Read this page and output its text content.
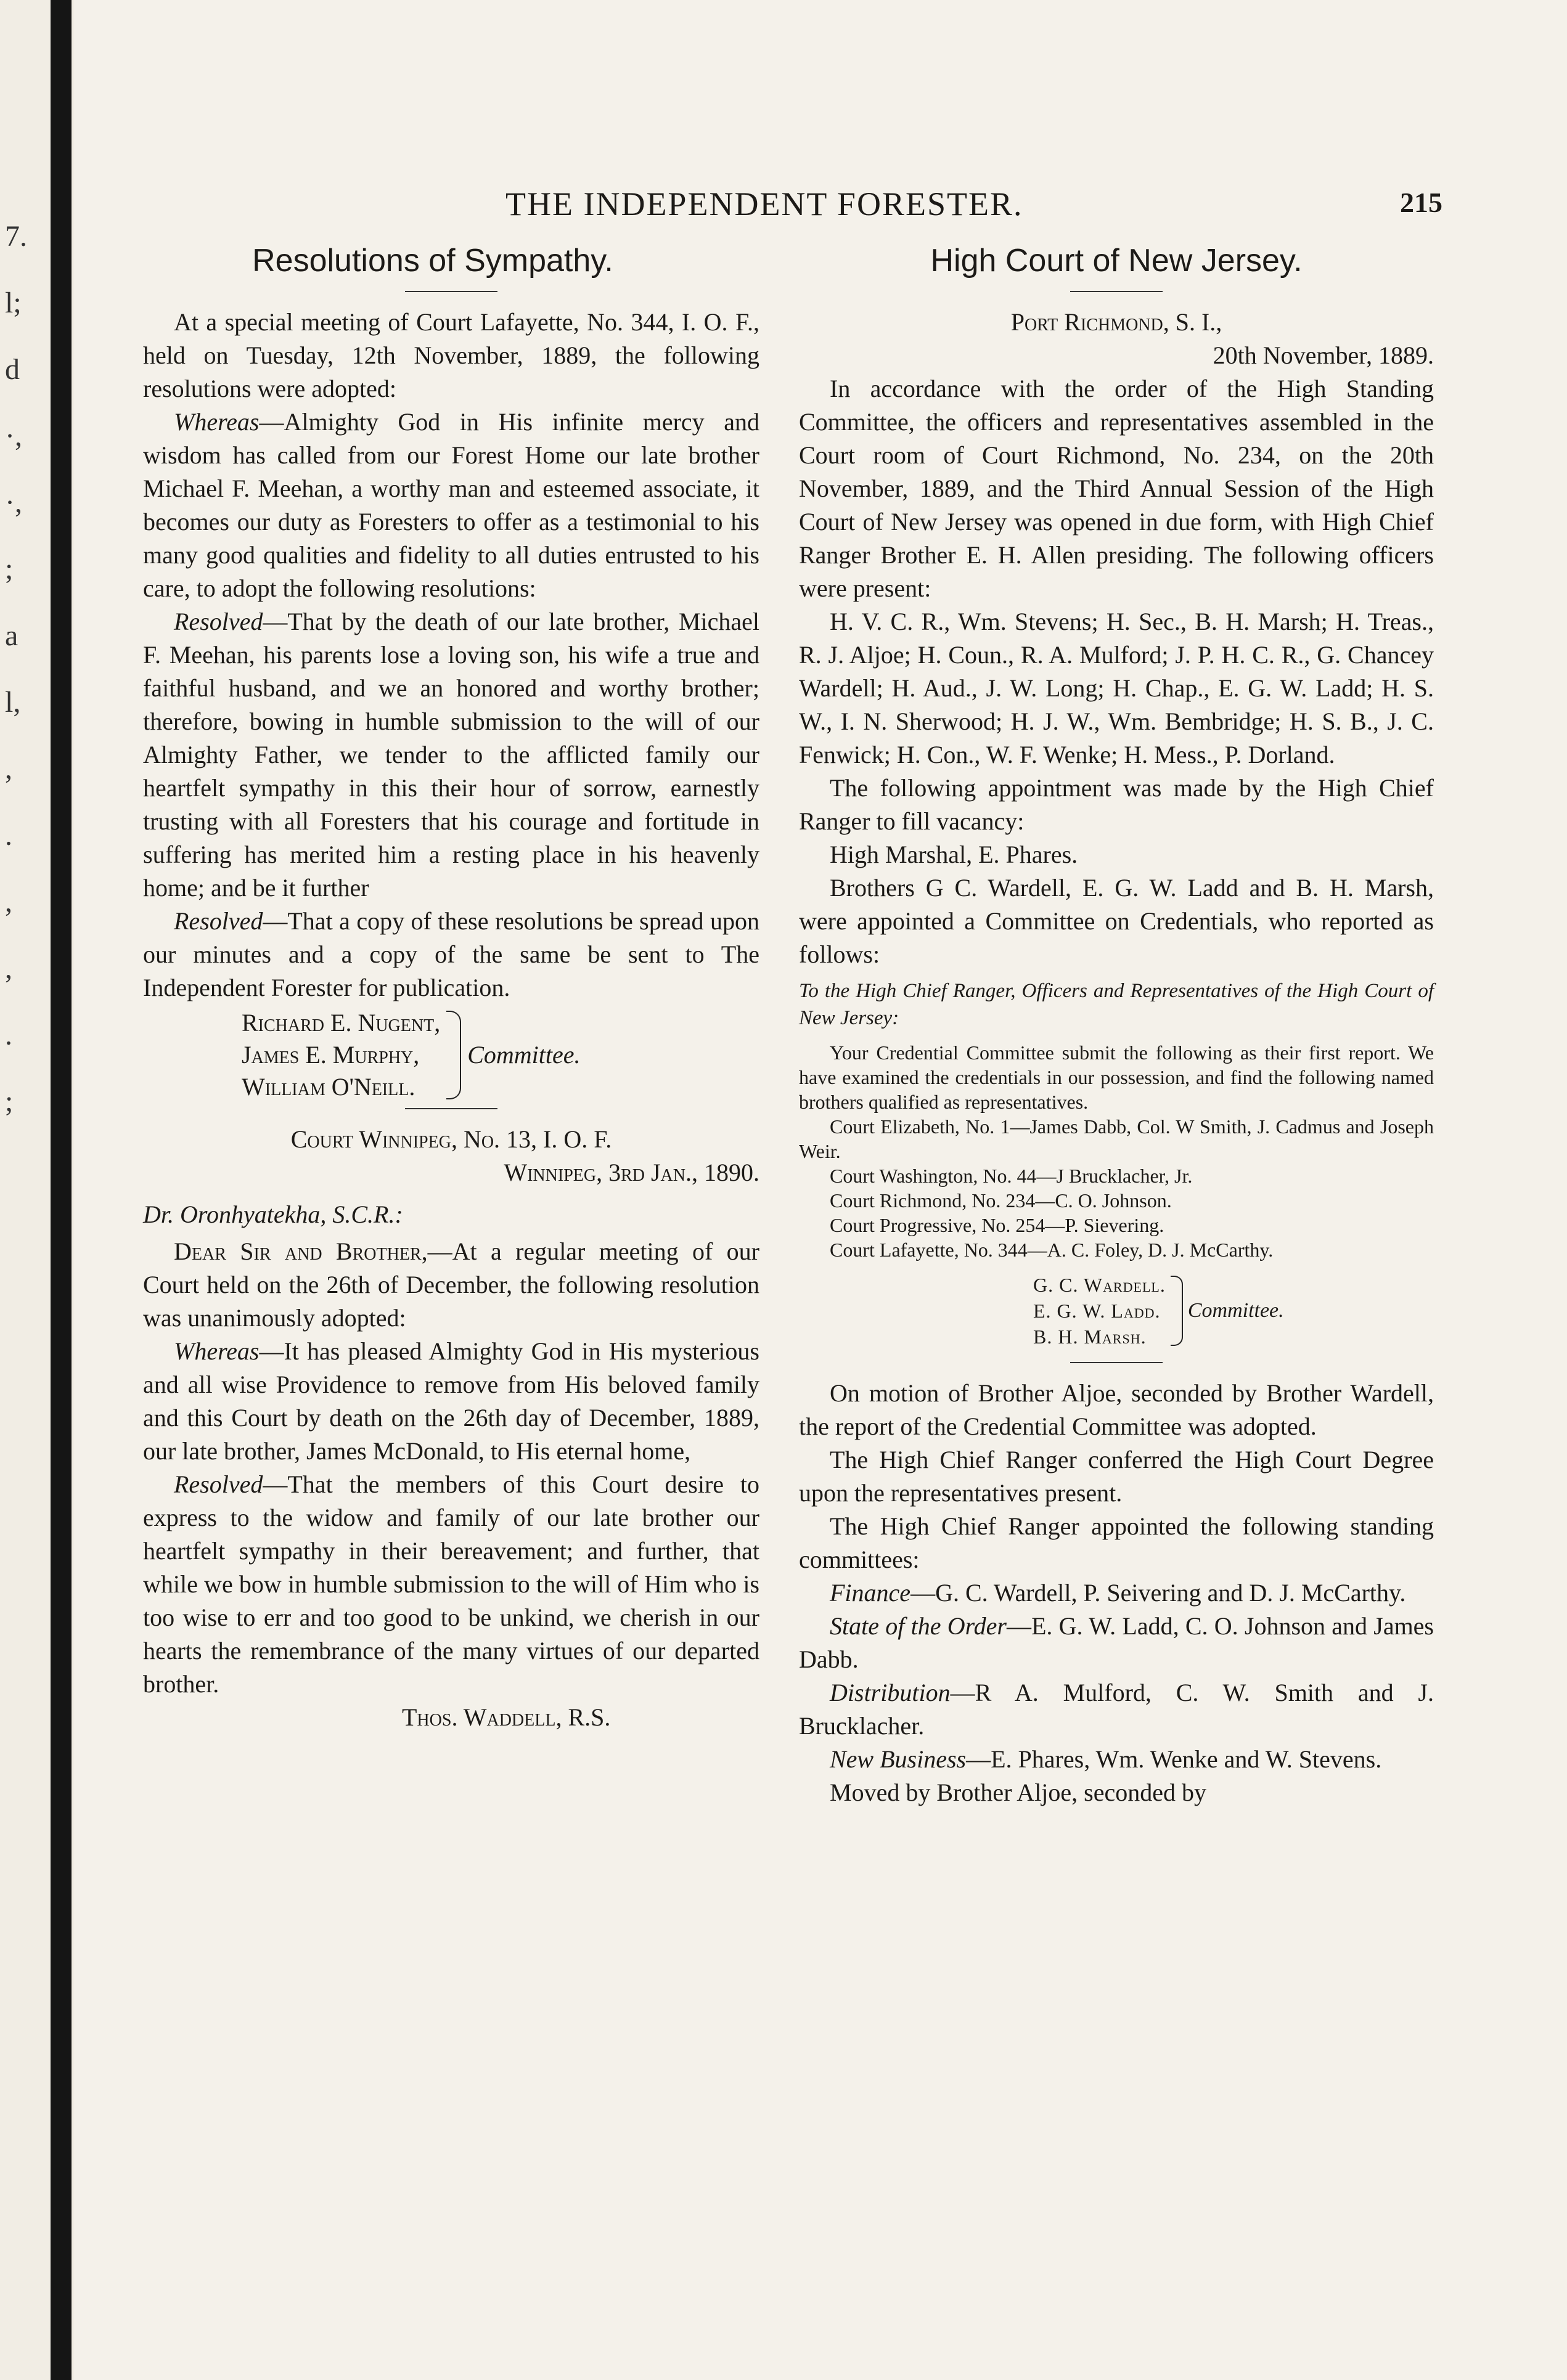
7.
l;
d
·,
·,
;
a
l,
,
.
,
,
.
;
THE INDEPENDENT FORESTER.	215
Resolutions of Sympathy.

At a special meeting of Court Lafayette, No. 344, I. O. F., held on Tuesday, 12th November, 1889, the following resolutions were adopted:

Whereas—Almighty God in His infinite mercy and wisdom has called from our Forest Home our late brother Michael F. Meehan, a worthy man and esteemed associate, it becomes our duty as Foresters to offer as a testimonial to his many good qualities and fidelity to all duties entrusted to his care, to adopt the following resolutions:

Resolved—That by the death of our late brother, Michael F. Meehan, his parents lose a loving son, his wife a true and faithful husband, and we an honored and worthy brother; therefore, bowing in humble submission to the will of our Almighty Father, we tender to the afflicted family our heartfelt sympathy in this their hour of sorrow, earnestly trusting with all Foresters that his courage and fortitude in suffering has merited him a resting place in his heavenly home; and be it further

Resolved—That a copy of these resolutions be spread upon our minutes and a copy of the same be sent to The Independent Forester for publication.

Richard E. Nugent,
James E. Murphy,
William O'Neill.
Committee.

Court Winnipeg, No. 13, I. O. F.

Winnipeg, 3rd Jan., 1890.

Dr. Oronhyatekha, S.C.R.:

Dear Sir and Brother,—At a regular meeting of our Court held on the 26th of December, the following resolution was unanimously adopted:

Whereas—It has pleased Almighty God in His mysterious and all wise Providence to remove from His beloved family and this Court by death on the 26th day of December, 1889, our late brother, James McDonald, to His eternal home,

Resolved—That the members of this Court desire to express to the widow and family of our late brother our heartfelt sympathy in their bereavement; and further, that while we bow in humble submission to the will of Him who is too wise to err and too good to be unkind, we cherish in our hearts the remembrance of the many virtues of our departed brother.

Thos. Waddell, R.S.

High Court of New Jersey.

Port Richmond, S. I.,

20th November, 1889.

In accordance with the order of the High Standing Committee, the officers and representatives assembled in the Court room of Court Richmond, No. 234, on the 20th November, 1889, and the Third Annual Session of the High Court of New Jersey was opened in due form, with High Chief Ranger Brother E. H. Allen presiding. The following officers were present:

H. V. C. R., Wm. Stevens; H. Sec., B. H. Marsh; H. Treas., R. J. Aljoe; H. Coun., R. A. Mulford; J. P. H. C. R., G. Chancey Wardell; H. Aud., J. W. Long; H. Chap., E. G. W. Ladd; H. S. W., I. N. Sherwood; H. J. W., Wm. Bembridge; H. S. B., J. C. Fenwick; H. Con., W. F. Wenke; H. Mess., P. Dorland.

The following appointment was made by the High Chief Ranger to fill vacancy:

High Marshal, E. Phares.

Brothers G C. Wardell, E. G. W. Ladd and B. H. Marsh, were appointed a Committee on Credentials, who reported as follows:

To the High Chief Ranger, Officers and Representatives of the High Court of New Jersey:

Your Credential Committee submit the following as their first report. We have examined the credentials in our possession, and find the following named brothers qualified as representatives.

Court Elizabeth, No. 1—James Dabb, Col. W Smith, J. Cadmus and Joseph Weir.

Court Washington, No. 44—J Brucklacher, Jr.

Court Richmond, No. 234—C. O. Johnson.

Court Progressive, No. 254—P. Sievering.

Court Lafayette, No. 344—A. C. Foley, D. J. McCarthy.

G. C. Wardell.
E. G. W. Ladd.
B. H. Marsh.
Committee.

On motion of Brother Aljoe, seconded by Brother Wardell, the report of the Credential Committee was adopted.

The High Chief Ranger conferred the High Court Degree upon the representatives present.

The High Chief Ranger appointed the following standing committees:

Finance—G. C. Wardell, P. Seivering and D. J. McCarthy.

State of the Order—E. G. W. Ladd, C. O. Johnson and James Dabb.

Distribution—R A. Mulford, C. W. Smith and J. Brucklacher.

New Business—E. Phares, Wm. Wenke and W. Stevens.

Moved by Brother Aljoe, seconded by
